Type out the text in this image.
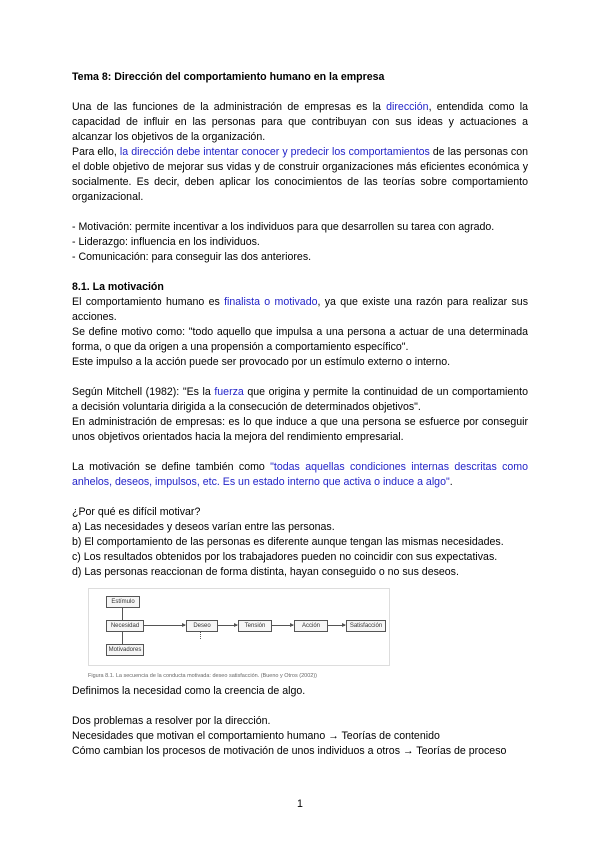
Tema 8: Dirección del comportamiento humano en la empresa

Una de las funciones de la administración de empresas es la dirección, entendida como la capacidad de influir en las personas para que contribuyan con sus ideas y actuaciones a alcanzar los objetivos de la organización.

Para ello, la dirección debe intentar conocer y predecir los comportamientos de las personas con el doble objetivo de mejorar sus vidas y de construir organizaciones más eficientes económica y socialmente. Es decir, deben aplicar los conocimientos de las teorías sobre comportamiento organizacional.

- Motivación: permite incentivar a los individuos para que desarrollen su tarea con agrado.
- Liderazgo: influencia en los individuos.
- Comunicación: para conseguir las dos anteriores.
8.1. La motivación

El comportamiento humano es finalista o motivado, ya que existe una razón para realizar sus acciones.

Se define motivo como: "todo aquello que impulsa a una persona a actuar de una determinada forma, o que da origen a una propensión a comportamiento específico".

Este impulso a la acción puede ser provocado por un estímulo externo o interno.

Según Mitchell (1982): "Es la fuerza que origina y permite la continuidad de un comportamiento a decisión voluntaria dirigida a la consecución de determinados objetivos".

En administración de empresas: es lo que induce a que una persona se esfuerce por conseguir unos objetivos orientados hacia la mejora del rendimiento empresarial.

La motivación se define también como "todas aquellas condiciones internas descritas como anhelos, deseos, impulsos, etc. Es un estado interno que activa o induce a algo".

¿Por qué es difícil motivar?
a) Las necesidades y deseos varían entre las personas.
b) El comportamiento de las personas es diferente aunque tengan las mismas necesidades.
c) Los resultados obtenidos por los trabajadores pueden no coincidir con sus expectativas.
d) Las personas reaccionan de forma distinta, hayan conseguido o no sus deseos.
Estímulo
Necesidad
Motivadores
Deseo	Tensión	Acción	Satisfacción
Figura 8.1. La secuencia de la conducta motivada: deseo satisfacción. (Bueno y Otros (2002))

Definimos la necesidad como la creencia de algo.

Dos problemas a resolver por la dirección.

Necesidades que motivan el comportamiento humano → Teorías de contenido

Cómo cambian los procesos de motivación de unos individuos a otros → Teorías de proceso

1
